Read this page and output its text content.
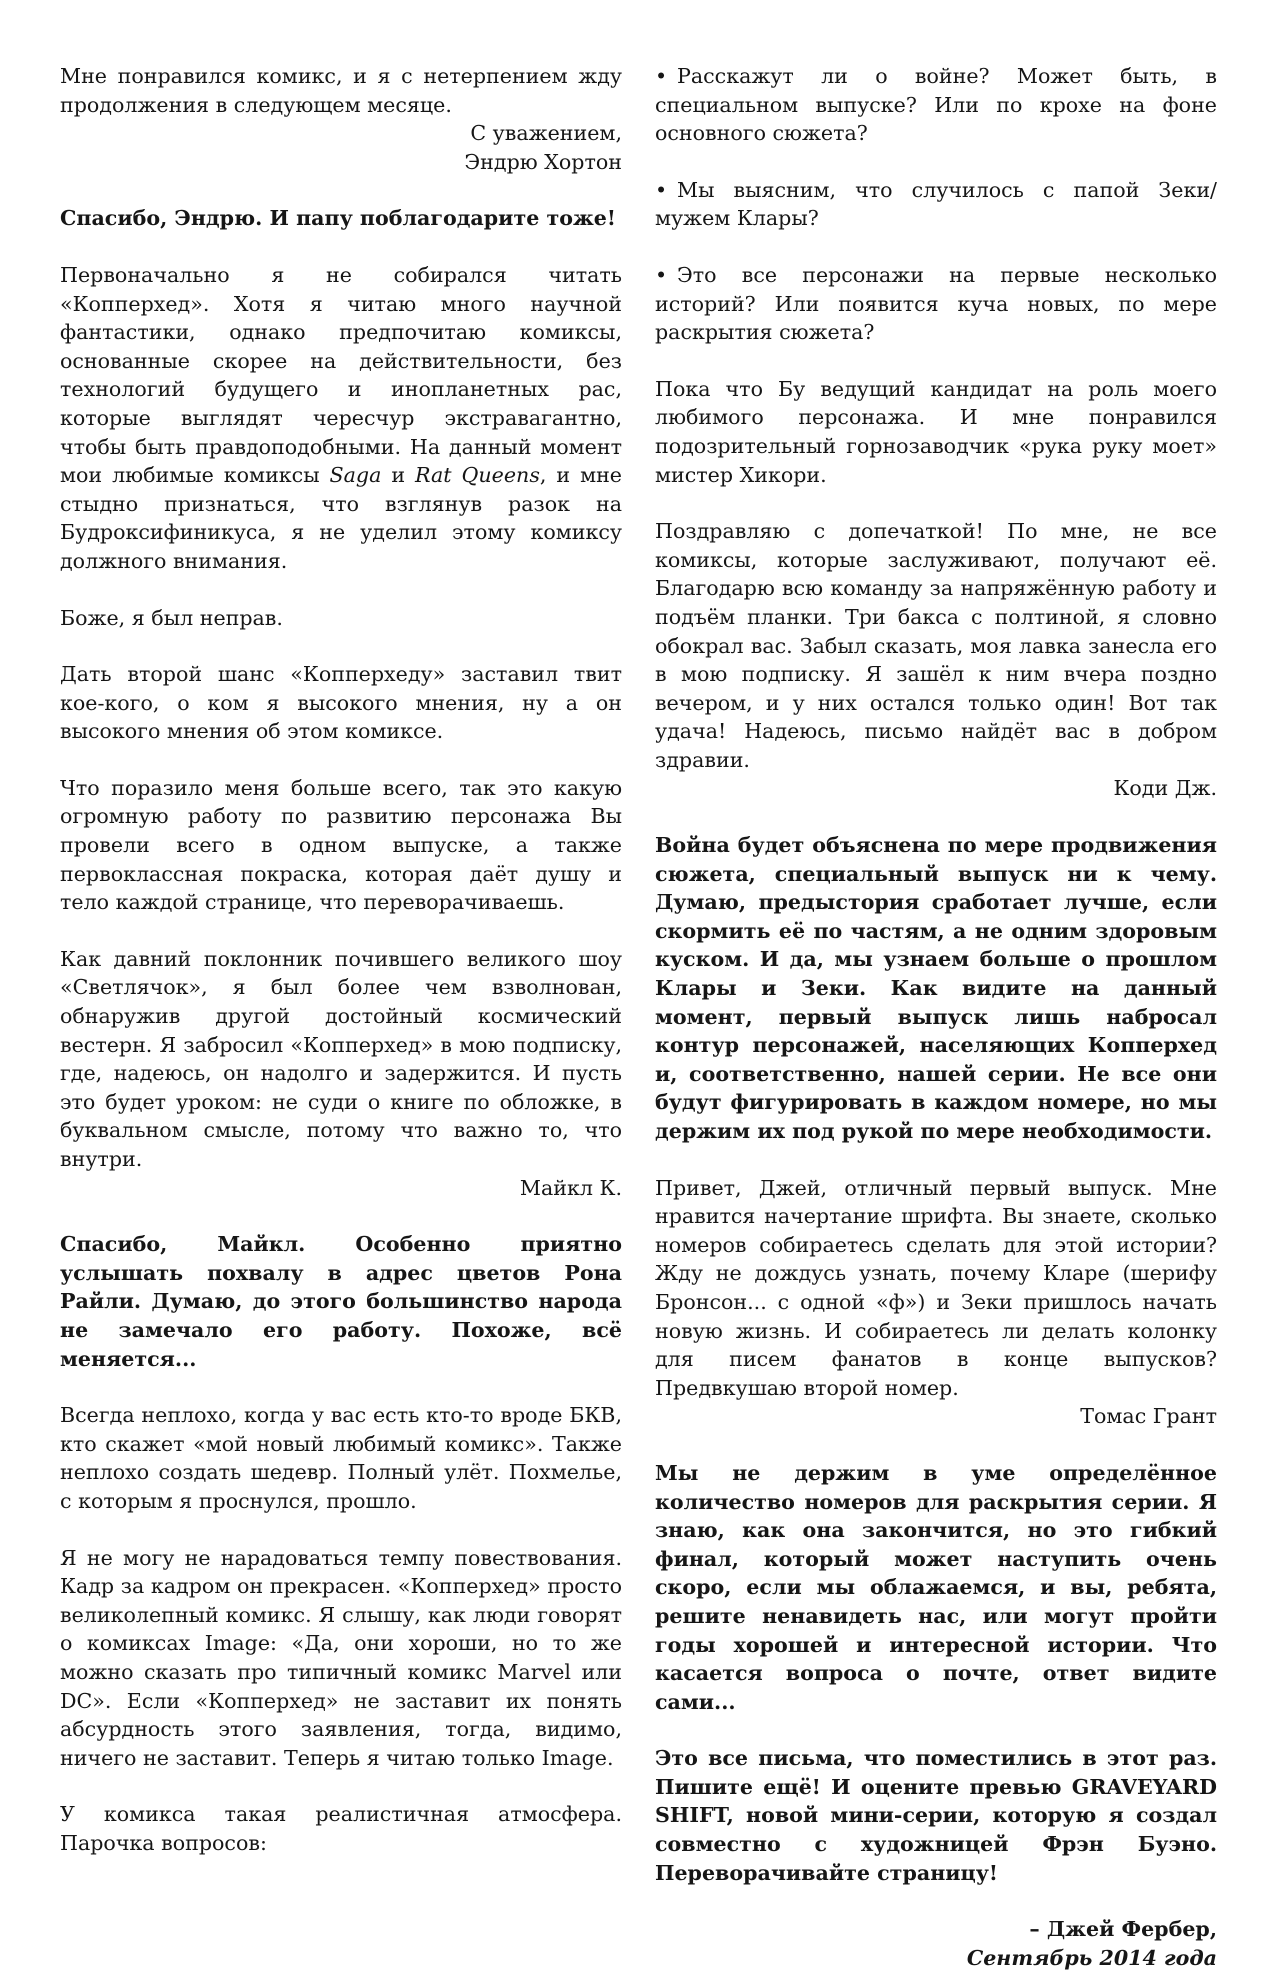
Мне понравился комикс, и я с нетерпением жду продолжения в следующем месяце.

С уважением,
Эндрю Хортон

Спасибо, Эндрю. И папу поблагодарите тоже!

Первоначально я не собирался читать «Копперхед». Хотя я читаю много научной фантастики, однако предпочитаю комиксы, основанные скорее на действительности, без технологий будущего и инопланетных рас, которые выглядят чересчур экстравагантно, чтобы быть правдоподобными. На данный момент мои любимые комиксы Saga и Rat Queens, и мне стыдно признаться, что взглянув разок на Будроксифиникуса, я не уделил этому комиксу должного внимания.

Боже, я был неправ.

Дать второй шанс «Копперхеду» заставил твит кое-кого, о ком я высокого мнения, ну а он высокого мнения об этом комиксе.

Что поразило меня больше всего, так это какую огромную работу по развитию персонажа Вы провели всего в одном выпуске, а также первоклассная покраска, которая даёт душу и тело каждой странице, что переворачиваешь.

Как давний поклонник почившего великого шоу «Светлячок», я был более чем взволнован, обнаружив другой достойный космический вестерн. Я забросил «Копперхед» в мою подписку, где, надеюсь, он надолго и задержится. И пусть это будет уроком: не суди о книге по обложке, в буквальном смысле, потому что важно то, что внутри.

Майкл К.

Спасибо, Майкл. Особенно приятно услышать похвалу в адрес цветов Рона Райли. Думаю, до этого большинство народа не замечало его работу. Похоже, всё меняется...

Всегда неплохо, когда у вас есть кто-то вроде БКВ, кто скажет «мой новый любимый комикс». Также неплохо создать шедевр. Полный улёт. Похмелье, с которым я проснулся, прошло.

Я не могу не нарадоваться темпу повествования. Кадр за кадром он прекрасен. «Копперхед» просто великолепный комикс. Я слышу, как люди говорят о комиксах Image: «Да, они хороши, но то же можно сказать про типичный комикс Marvel или DC». Если «Копперхед» не заставит их понять абсурдность этого заявления, тогда, видимо, ничего не заставит. Теперь я читаю только Image.

У комикса такая реалистичная атмосфера. Парочка вопросов:

• Расскажут ли о войне? Может быть, в специальном выпуске? Или по крохе на фоне основного сюжета?

• Мы выясним, что случилось с папой Зеки/мужем Клары?

• Это все персонажи на первые несколько историй? Или появится куча новых, по мере раскрытия сюжета?

Пока что Бу ведущий кандидат на роль моего любимого персонажа. И мне понравился подозрительный горнозаводчик «рука руку моет» мистер Хикори.

Поздравляю с допечаткой! По мне, не все комиксы, которые заслуживают, получают её. Благодарю всю команду за напряжённую работу и подъём планки. Три бакса с полтиной, я словно обокрал вас. Забыл сказать, моя лавка занесла его в мою подписку. Я зашёл к ним вчера поздно вечером, и у них остался только один! Вот так удача! Надеюсь, письмо найдёт вас в добром здравии.

Коди Дж.

Война будет объяснена по мере продвижения сюжета, специальный выпуск ни к чему. Думаю, предыстория сработает лучше, если скормить её по частям, а не одним здоровым куском. И да, мы узнаем больше о прошлом Клары и Зеки. Как видите на данный момент, первый выпуск лишь набросал контур персонажей, населяющих Копперхед и, соответственно, нашей серии. Не все они будут фигурировать в каждом номере, но мы держим их под рукой по мере необходимости.

Привет, Джей, отличный первый выпуск. Мне нравится начертание шрифта. Вы знаете, сколько номеров собираетесь сделать для этой истории? Жду не дождусь узнать, почему Кларе (шерифу Бронсон... с одной «ф») и Зеки пришлось начать новую жизнь. И собираетесь ли делать колонку для писем фанатов в конце выпусков? Предвкушаю второй номер.

Томас Грант

Мы не держим в уме определённое количество номеров для раскрытия серии. Я знаю, как она закончится, но это гибкий финал, который может наступить очень скоро, если мы облажаемся, и вы, ребята, решите ненавидеть нас, или могут пройти годы хорошей и интересной истории. Что касается вопроса о почте, ответ видите сами...

Это все письма, что поместились в этот раз. Пишите ещё! И оцените превью GRAVEYARD SHIFT, новой мини-серии, которую я создал совместно с художницей Фрэн Буэно. Переворачивайте страницу!

– Джей Фербер,
Сентябрь 2014 года
